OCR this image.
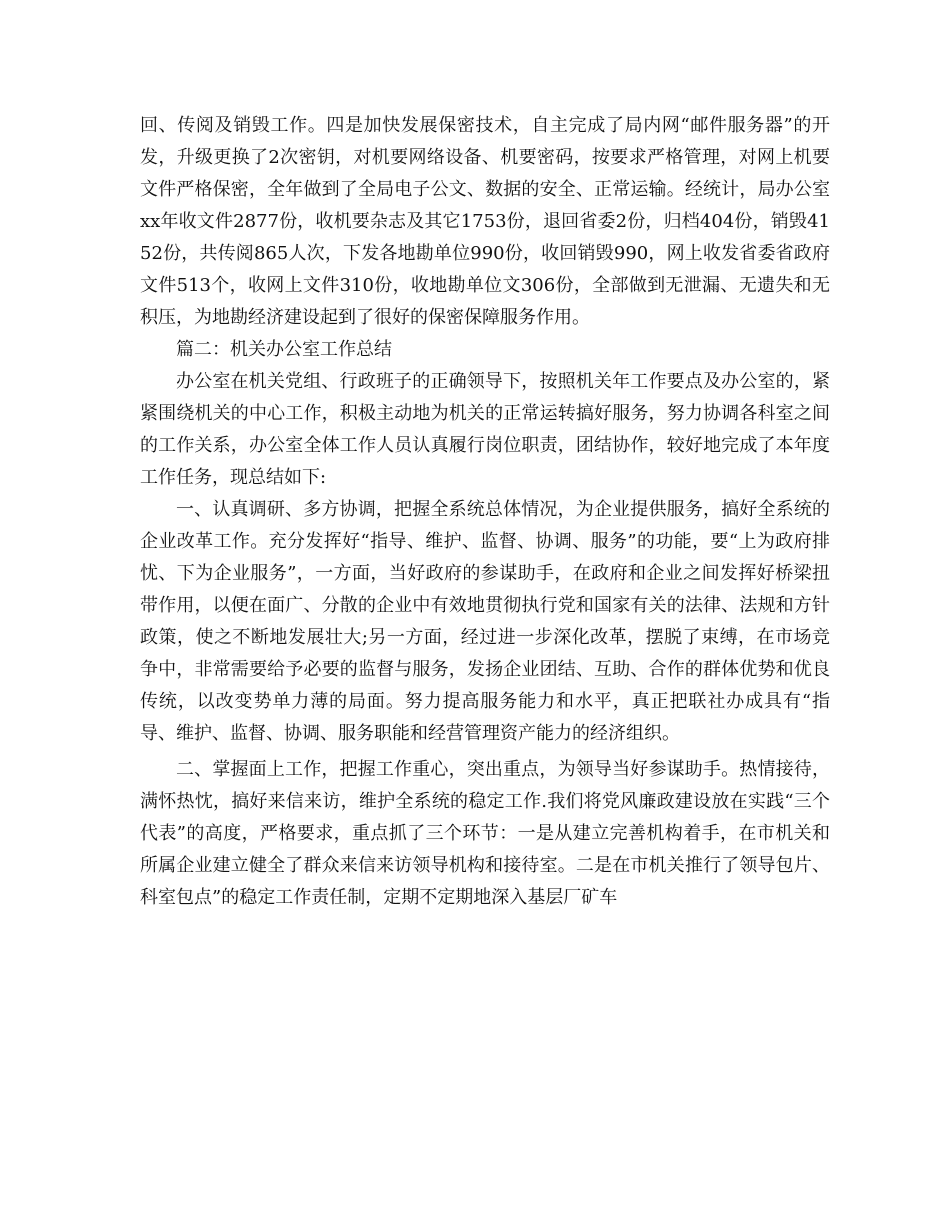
回、传阅及销毁工作。四是加快发展保密技术，自主完成了局内网“邮件服务器”的开发，升级更换了2次密钥，对机要网络设备、机要密码，按要求严格管理，对网上机要文件严格保密，全年做到了全局电子公文、数据的安全、正常运输。经统计，局办公室xx年收文件2877份，收机要杂志及其它1753份，退回省委2份，归档404份，销毁4152份，共传阅865人次，下发各地勘单位990份，收回销毁990，网上收发省委省政府文件513个，收网上文件310份，收地勘单位文306份，全部做到无泄漏、无遗失和无积压，为地勘经济建设起到了很好的保密保障服务作用。

篇二：机关办公室工作总结

办公室在机关党组、行政班子的正确领导下，按照机关年工作要点及办公室的，紧紧围绕机关的中心工作，积极主动地为机关的正常运转搞好服务，努力协调各科室之间的工作关系，办公室全体工作人员认真履行岗位职责，团结协作，较好地完成了本年度工作任务，现总结如下:

一、认真调研、多方协调，把握全系统总体情况，为企业提供服务，搞好全系统的企业改革工作。充分发挥好“指导、维护、监督、协调、服务”的功能，要“上为政府排忧、下为企业服务”，一方面，当好政府的参谋助手，在政府和企业之间发挥好桥梁扭带作用，以便在面广、分散的企业中有效地贯彻执行党和国家有关的法律、法规和方针政策，使之不断地发展壮大;另一方面，经过进一步深化改革，摆脱了束缚，在市场竞争中，非常需要给予必要的监督与服务，发扬企业团结、互助、合作的群体优势和优良传统，以改变势单力薄的局面。努力提高服务能力和水平，真正把联社办成具有“指导、维护、监督、协调、服务职能和经营管理资产能力的经济组织。

二、掌握面上工作，把握工作重心，突出重点，为领导当好参谋助手。热情接待，满怀热忱，搞好来信来访，维护全系统的稳定工作.我们将党风廉政建设放在实践“三个代表”的高度，严格要求，重点抓了三个环节：一是从建立完善机构着手，在市机关和所属企业建立健全了群众来信来访领导机构和接待室。二是在市机关推行了领导包片、科室包点”的稳定工作责任制，定期不定期地深入基层厂矿车
